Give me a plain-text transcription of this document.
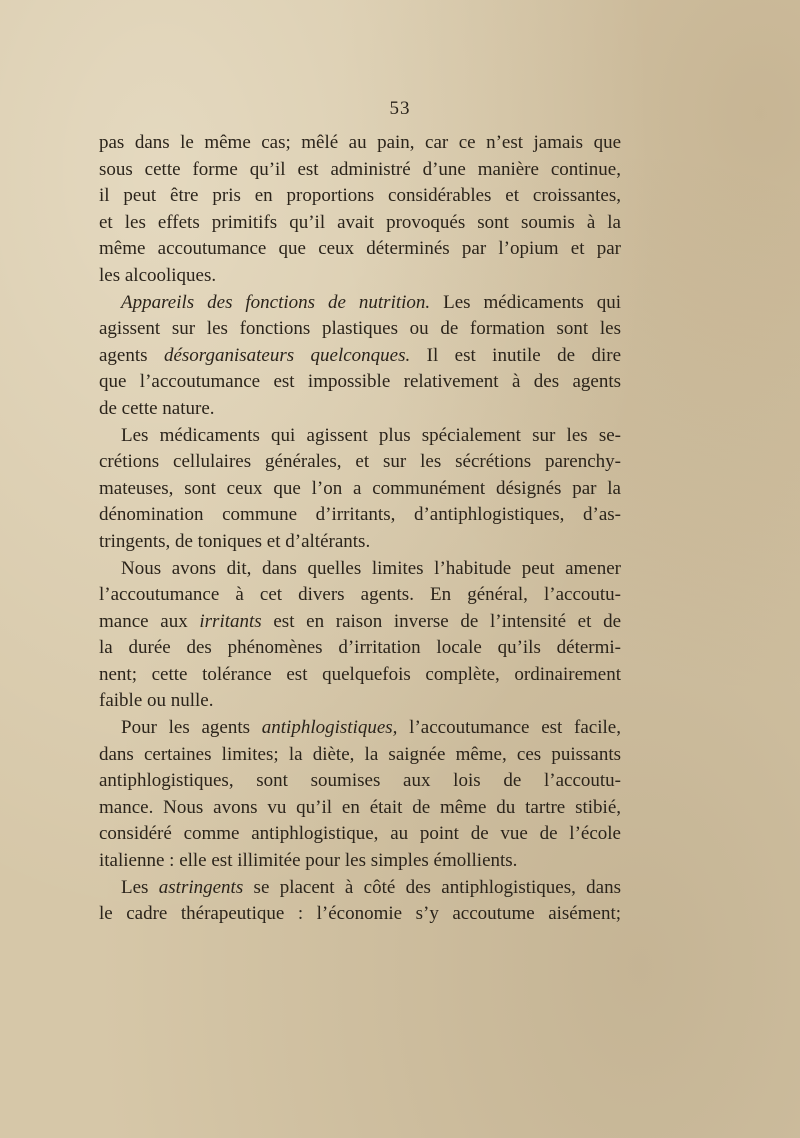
53
pas dans le même cas; mêlé au pain, car ce n’est jamais que
sous cette forme qu’il est administré d’une manière continue,
il peut être pris en proportions considérables et croissantes,
et les effets primitifs qu’il avait provoqués sont soumis à la
même accoutumance que ceux déterminés par l’opium et par
les alcooliques.
Appareils des fonctions de nutrition. Les médicaments qui
agissent sur les fonctions plastiques ou de formation sont les
agents désorganisateurs quelconques. Il est inutile de dire
que l’accoutumance est impossible relativement à des agents
de cette nature.
Les médicaments qui agissent plus spécialement sur les se-
crétions cellulaires générales, et sur les sécrétions parenchy-
mateuses, sont ceux que l’on a communément désignés par la
dénomination commune d’irritants, d’antiphlogistiques, d’as-
tringents, de toniques et d’altérants.
Nous avons dit, dans quelles limites l’habitude peut amener
l’accoutumance à cet divers agents. En général, l’accoutu-
mance aux irritants est en raison inverse de l’intensité et de
la durée des phénomènes d’irritation locale qu’ils détermi-
nent; cette tolérance est quelquefois complète, ordinairement
faible ou nulle.
Pour les agents antiphlogistiques, l’accoutumance est facile,
dans certaines limites; la diète, la saignée même, ces puissants
antiphlogistiques, sont soumises aux lois de l’accoutu-
mance. Nous avons vu qu’il en était de même du tartre stibié,
considéré comme antiphlogistique, au point de vue de l’école
italienne : elle est illimitée pour les simples émollients.
Les astringents se placent à côté des antiphlogistiques, dans
le cadre thérapeutique : l’économie s’y accoutume aisément;
